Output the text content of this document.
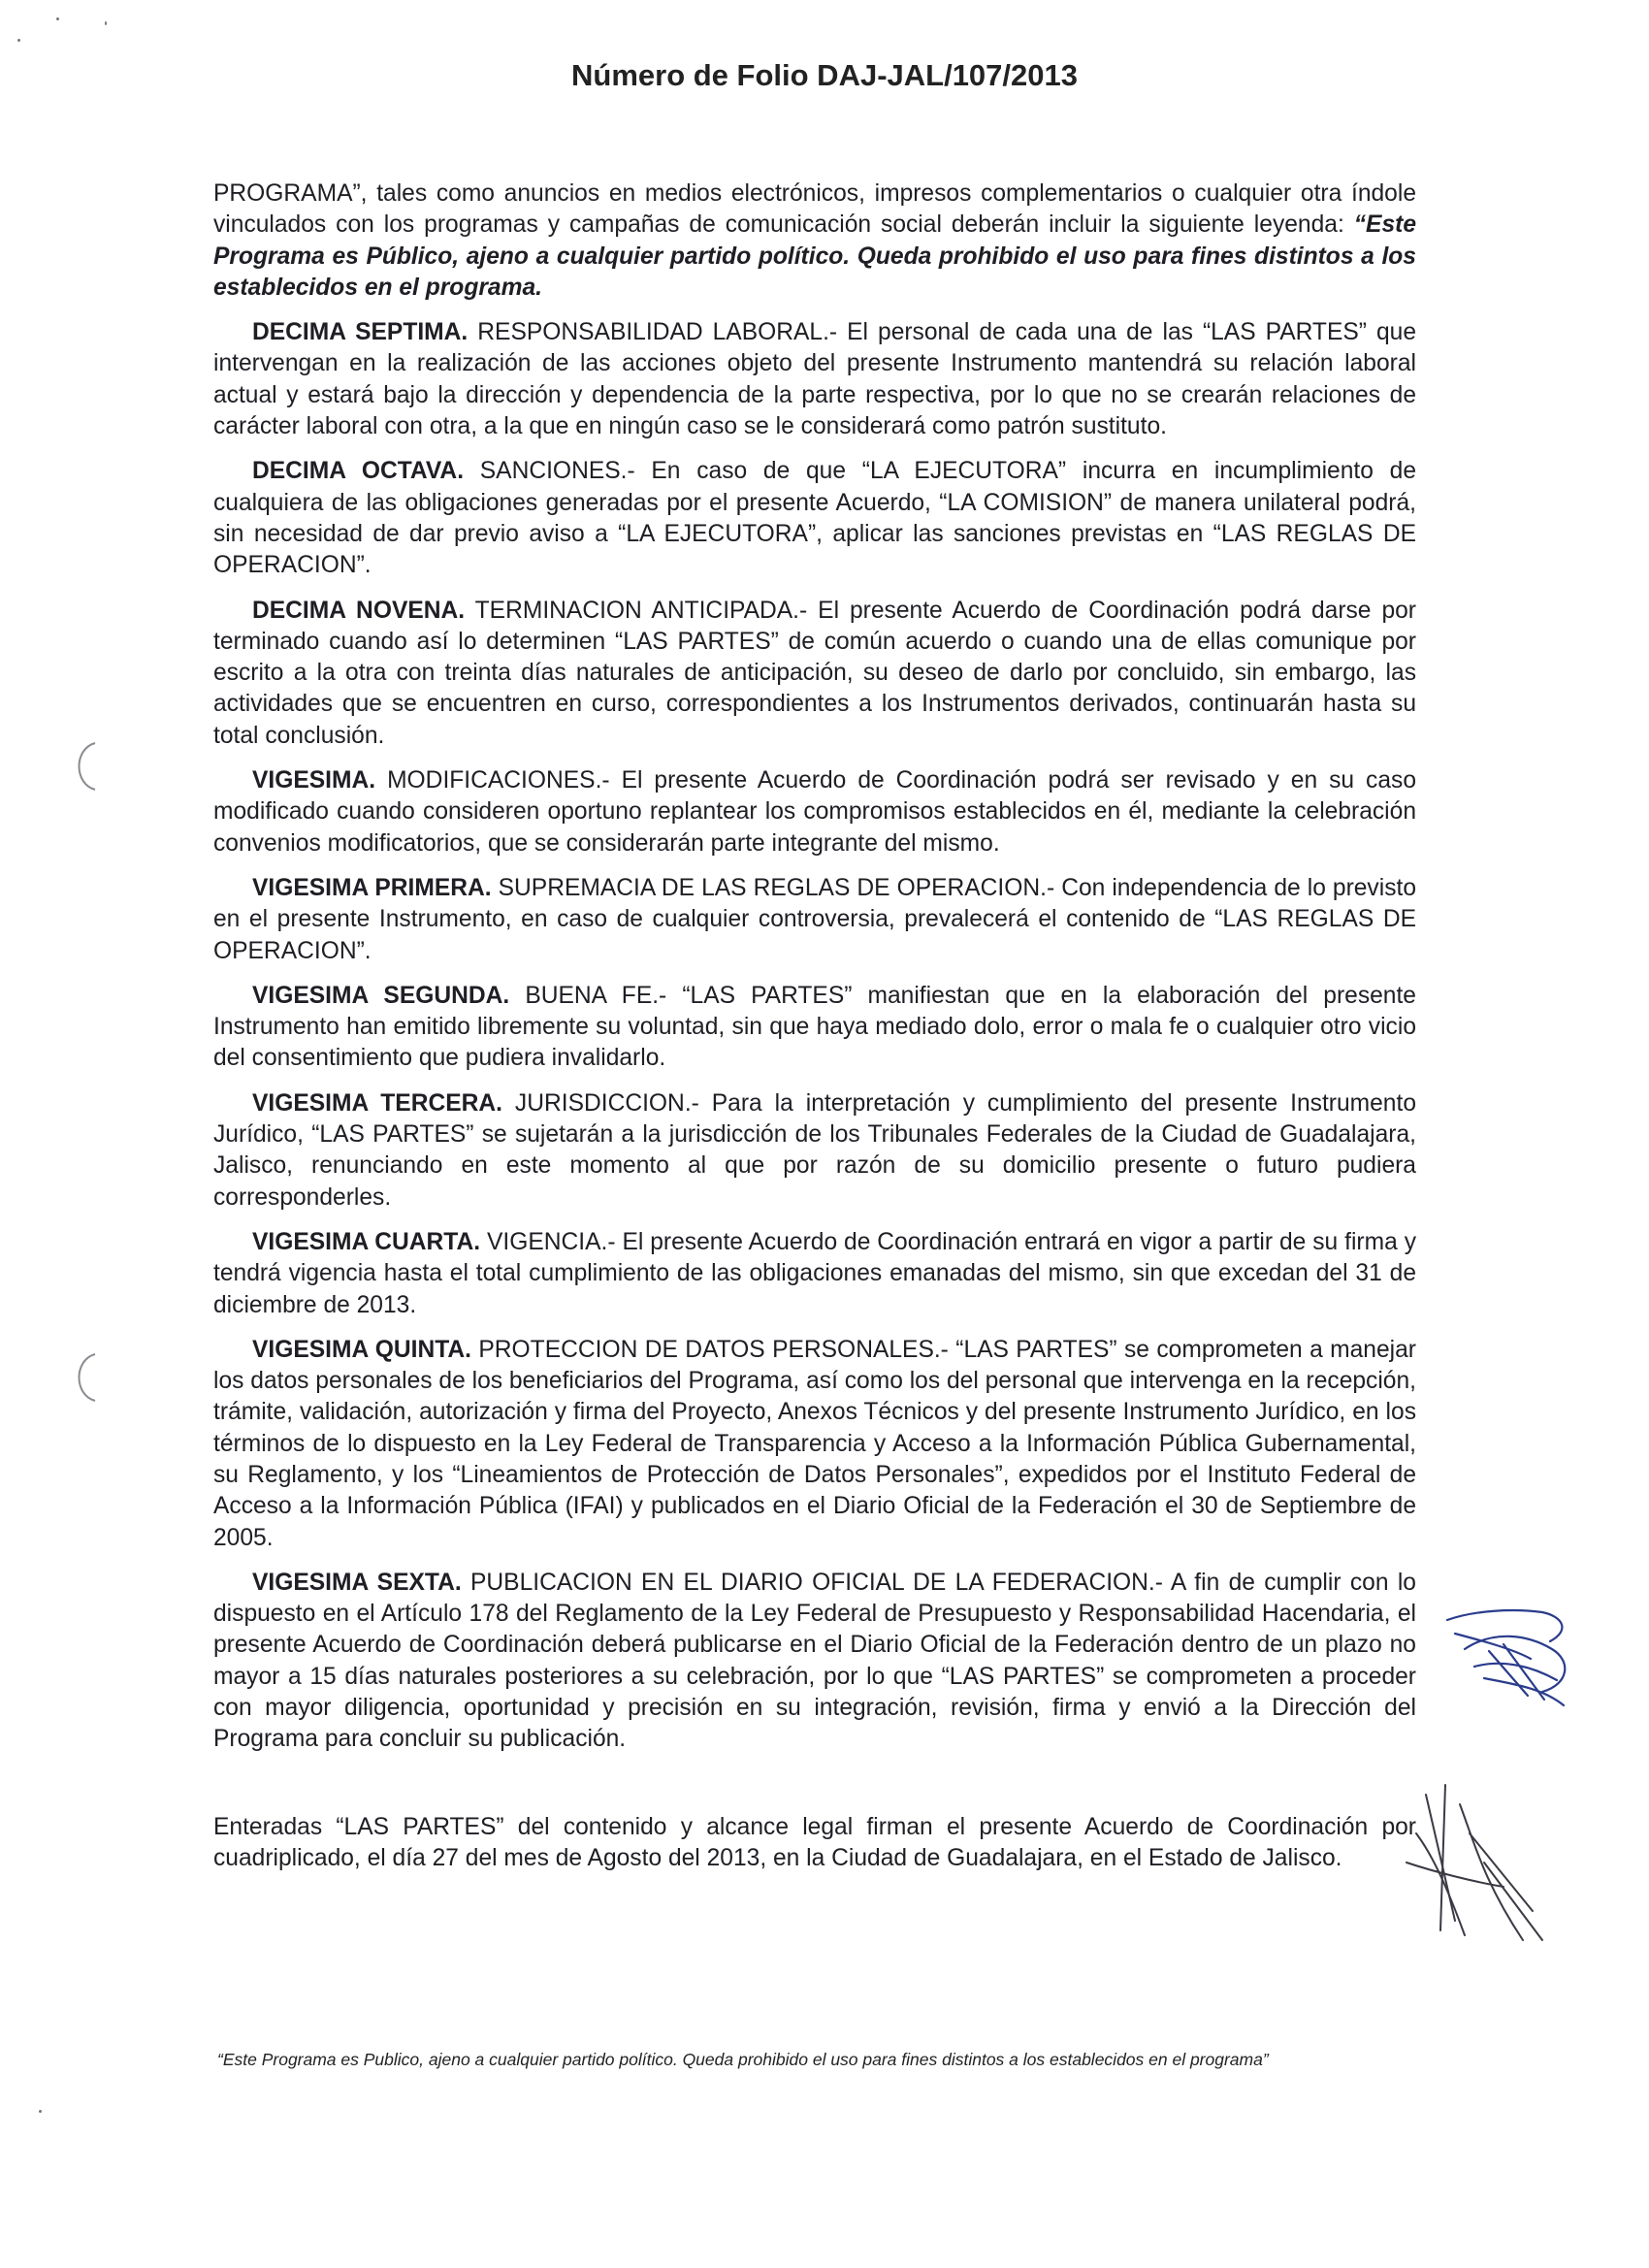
Número de Folio DAJ-JAL/107/2013

PROGRAMA”, tales como anuncios en medios electrónicos, impresos complementarios o cualquier otra índole vinculados con los programas y campañas de comunicación social deberán incluir la siguiente leyenda: “Este Programa es Público, ajeno a cualquier partido político. Queda prohibido el uso para fines distintos a los establecidos en el programa.

DECIMA SEPTIMA. RESPONSABILIDAD LABORAL.- El personal de cada una de las “LAS PARTES” que intervengan en la realización de las acciones objeto del presente Instrumento mantendrá su relación laboral actual y estará bajo la dirección y dependencia de la parte respectiva, por lo que no se crearán relaciones de carácter laboral con otra, a la que en ningún caso se le considerará como patrón sustituto.

DECIMA OCTAVA. SANCIONES.- En caso de que “LA EJECUTORA” incurra en incumplimiento de cualquiera de las obligaciones generadas por el presente Acuerdo, “LA COMISION” de manera unilateral podrá, sin necesidad de dar previo aviso a “LA EJECUTORA”, aplicar las sanciones previstas en “LAS REGLAS DE OPERACION”.

DECIMA NOVENA. TERMINACION ANTICIPADA.- El presente Acuerdo de Coordinación podrá darse por terminado cuando así lo determinen “LAS PARTES” de común acuerdo o cuando una de ellas comunique por escrito a la otra con treinta días naturales de anticipación, su deseo de darlo por concluido, sin embargo, las actividades que se encuentren en curso, correspondientes a los Instrumentos derivados, continuarán hasta su total conclusión.

VIGESIMA. MODIFICACIONES.- El presente Acuerdo de Coordinación podrá ser revisado y en su caso modificado cuando consideren oportuno replantear los compromisos establecidos en él, mediante la celebración convenios modificatorios, que se considerarán parte integrante del mismo.

VIGESIMA PRIMERA. SUPREMACIA DE LAS REGLAS DE OPERACION.- Con independencia de lo previsto en el presente Instrumento, en caso de cualquier controversia, prevalecerá el contenido de “LAS REGLAS DE OPERACION”.

VIGESIMA SEGUNDA. BUENA FE.- “LAS PARTES” manifiestan que en la elaboración del presente Instrumento han emitido libremente su voluntad, sin que haya mediado dolo, error o mala fe o cualquier otro vicio del consentimiento que pudiera invalidarlo.

VIGESIMA TERCERA. JURISDICCION.- Para la interpretación y cumplimiento del presente Instrumento Jurídico, “LAS PARTES” se sujetarán a la jurisdicción de los Tribunales Federales de la Ciudad de Guadalajara, Jalisco, renunciando en este momento al que por razón de su domicilio presente o futuro pudiera corresponderles.

VIGESIMA CUARTA. VIGENCIA.- El presente Acuerdo de Coordinación entrará en vigor a partir de su firma y tendrá vigencia hasta el total cumplimiento de las obligaciones emanadas del mismo, sin que excedan del 31 de diciembre de 2013.

VIGESIMA QUINTA. PROTECCION DE DATOS PERSONALES.- “LAS PARTES” se comprometen a manejar los datos personales de los beneficiarios del Programa, así como los del personal que intervenga en la recepción, trámite, validación, autorización y firma del Proyecto, Anexos Técnicos y del presente Instrumento Jurídico, en los términos de lo dispuesto en la Ley Federal de Transparencia y Acceso a la Información Pública Gubernamental, su Reglamento, y los “Lineamientos de Protección de Datos Personales”, expedidos por el Instituto Federal de Acceso a la Información Pública (IFAI) y publicados en el Diario Oficial de la Federación el 30 de Septiembre de 2005.

VIGESIMA SEXTA. PUBLICACION EN EL DIARIO OFICIAL DE LA FEDERACION.- A fin de cumplir con lo dispuesto en el Artículo 178 del Reglamento de la Ley Federal de Presupuesto y Responsabilidad Hacendaria, el presente Acuerdo de Coordinación deberá publicarse en el Diario Oficial de la Federación dentro de un plazo no mayor a 15 días naturales posteriores a su celebración, por lo que “LAS PARTES” se comprometen a proceder con mayor diligencia, oportunidad y precisión en su integración, revisión, firma y envió a la Dirección del Programa para concluir su publicación.

Enteradas “LAS PARTES” del contenido y alcance legal firman el presente Acuerdo de Coordinación por cuadriplicado, el día 27 del mes de Agosto del 2013, en la Ciudad de Guadalajara, en el Estado de Jalisco.

“Este Programa es Publico, ajeno a cualquier partido político. Queda prohibido el uso para fines distintos a los establecidos en el programa”
